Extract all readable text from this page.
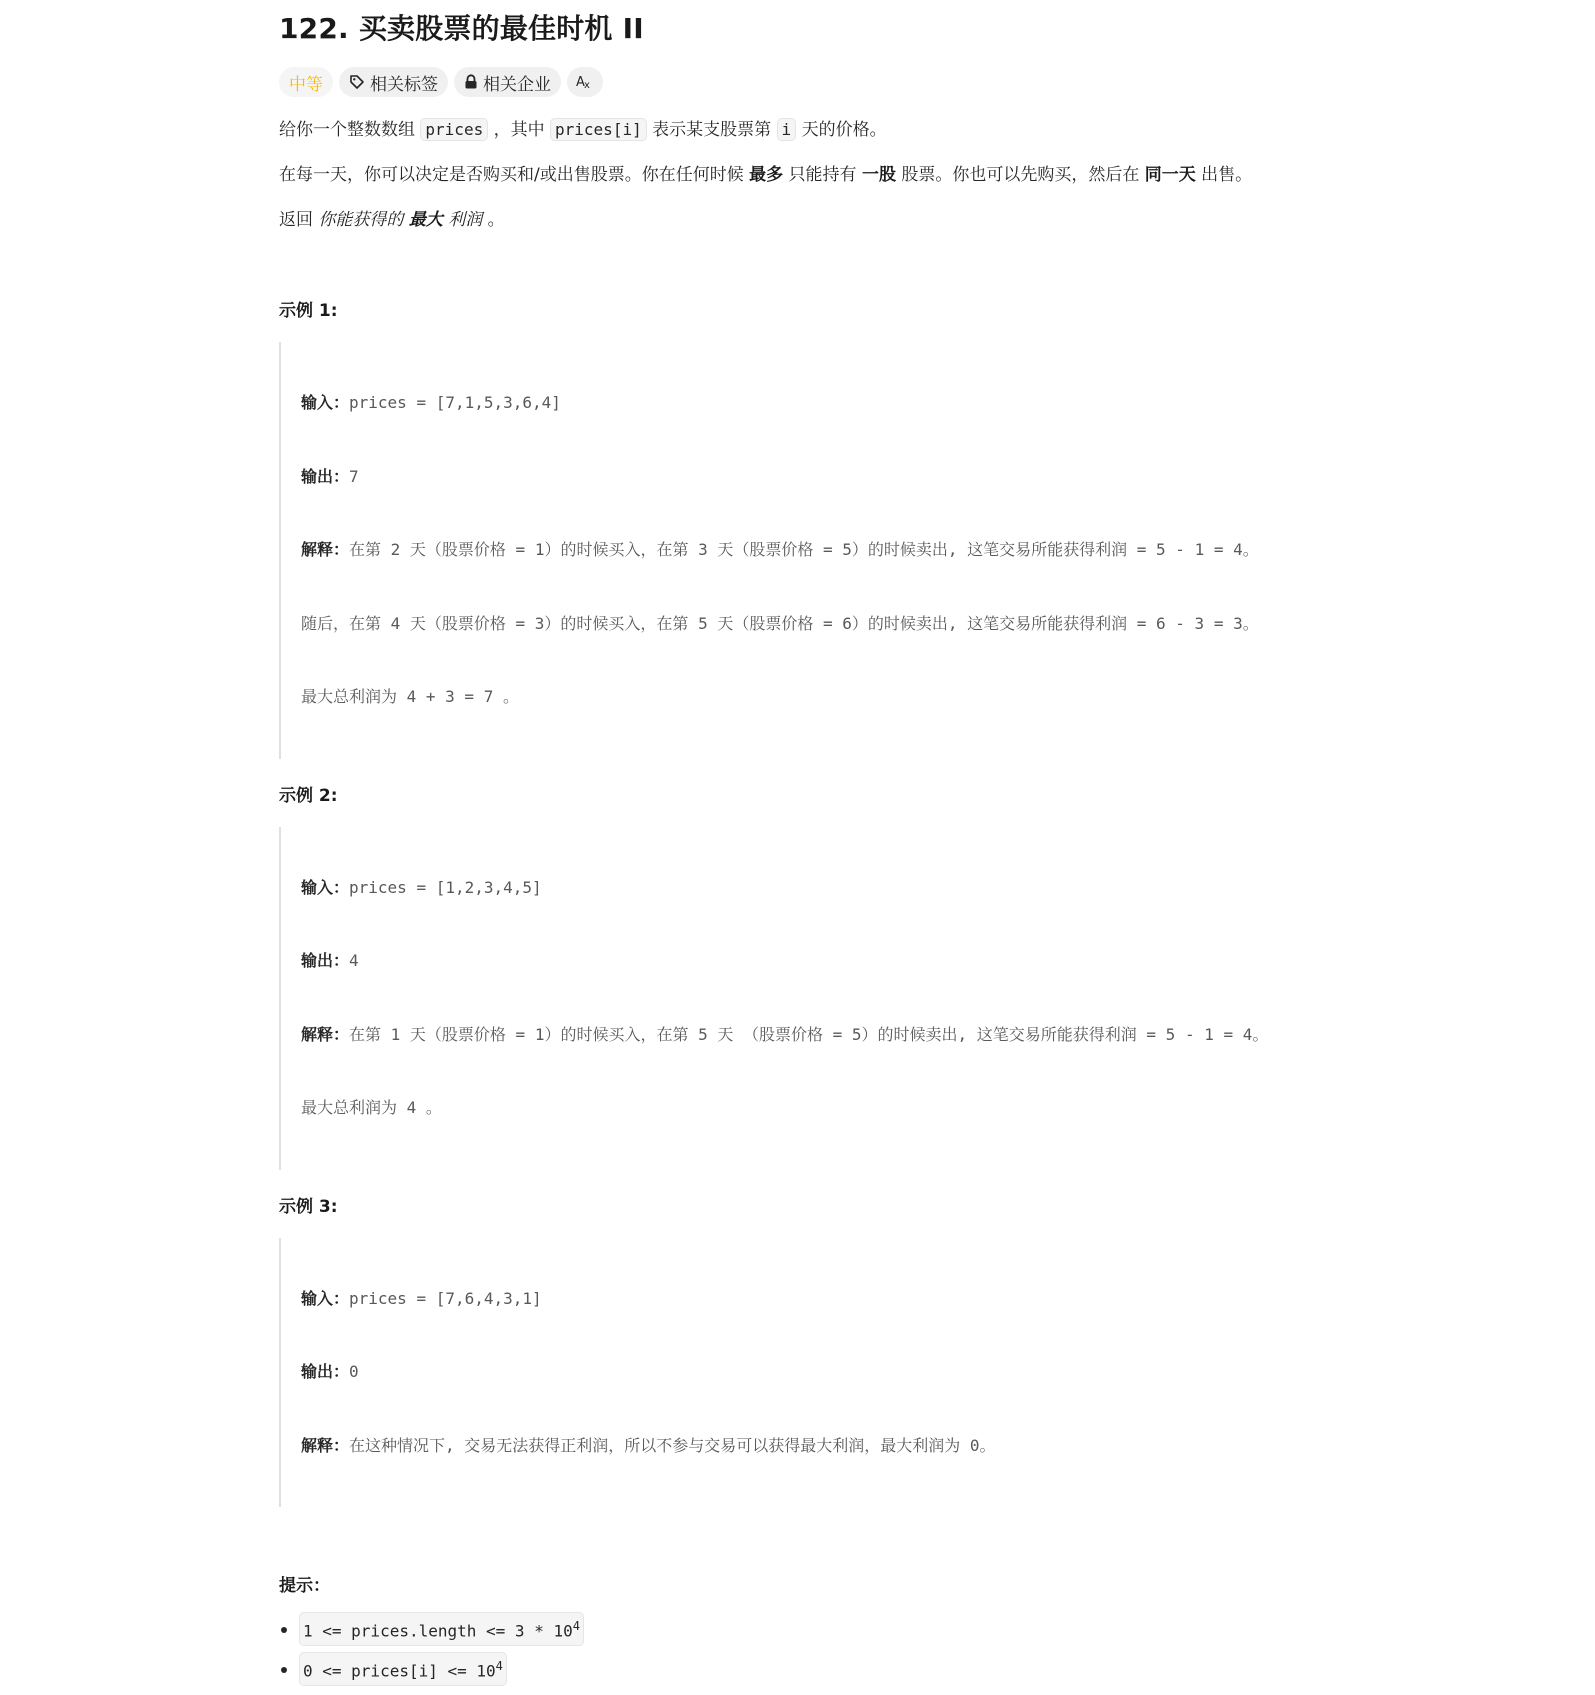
122. 买卖股票的最佳时机 II
中等	相关标签	相关企业 A x

给你一个整数数组 prices ，其中 prices[i] 表示某支股票第 i 天的价格。

在每一天，你可以决定是否购买和/或出售股票。你在任何时候 最多 只能持有 一股 股票。你也可以先购买，然后在 同一天 出售。

返回 你能获得的 最大 利润 。

示例 1:

输入：prices = [7,1,5,3,6,4]

输出：7

解释：在第 2 天（股票价格 = 1）的时候买入，在第 3 天（股票价格 = 5）的时候卖出, 这笔交易所能获得利润 = 5 - 1 = 4。

随后，在第 4 天（股票价格 = 3）的时候买入，在第 5 天（股票价格 = 6）的时候卖出, 这笔交易所能获得利润 = 6 - 3 = 3。

最大总利润为 4 + 3 = 7 。

示例 2:

输入：prices = [1,2,3,4,5]

输出：4

解释：在第 1 天（股票价格 = 1）的时候买入，在第 5 天 （股票价格 = 5）的时候卖出, 这笔交易所能获得利润 = 5 - 1 = 4。

最大总利润为 4 。

示例 3:

输入：prices = [7,6,4,3,1]

输出：0

解释：在这种情况下, 交易无法获得正利润，所以不参与交易可以获得最大利润，最大利润为 0。

提示：

1 <= prices.length <= $3 * 10^4$
0 <= prices[i] <= $10^4$
